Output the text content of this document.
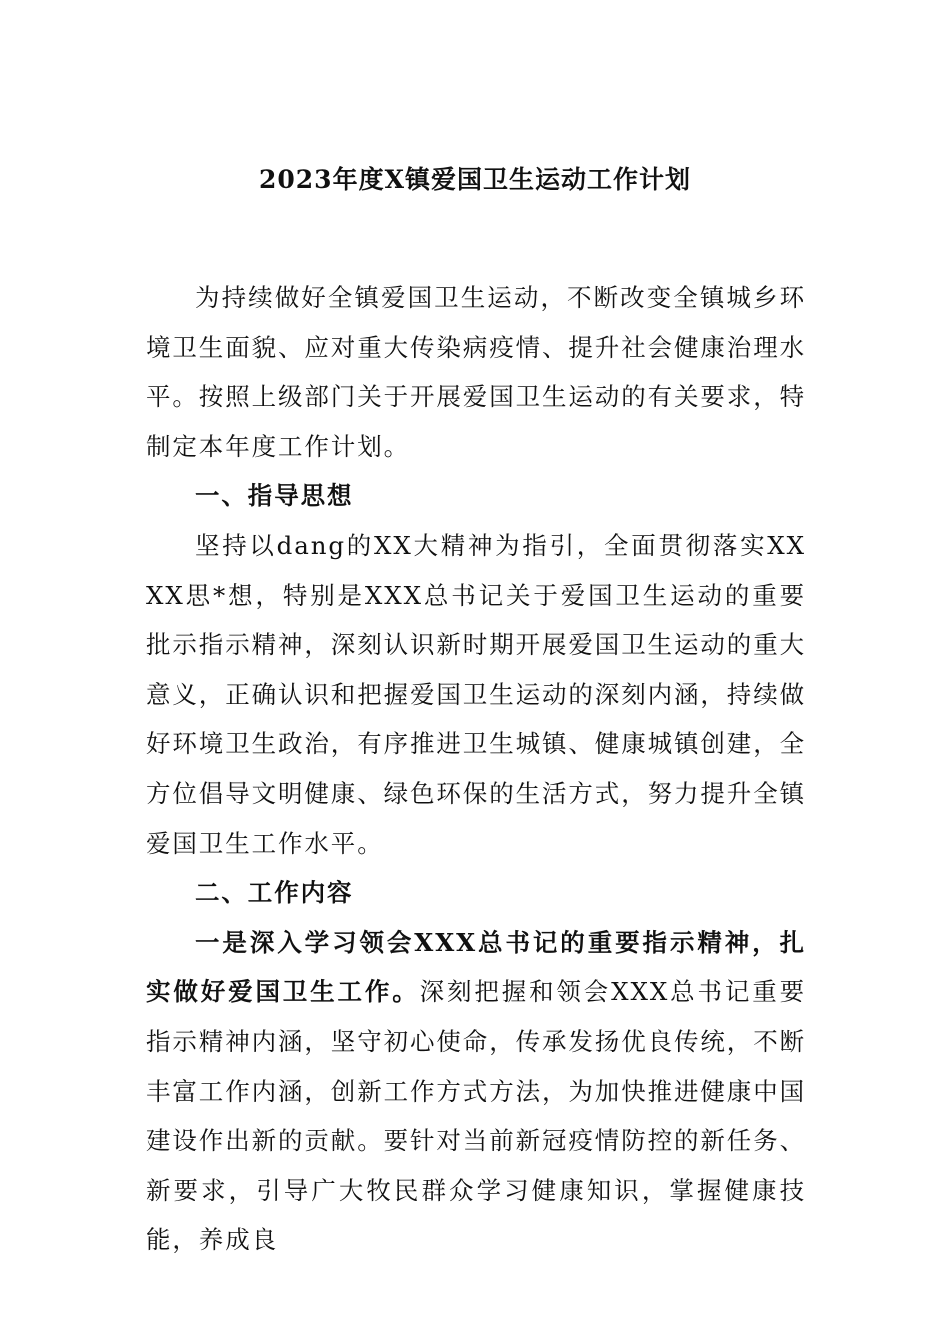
2023年度X镇爱国卫生运动工作计划

为持续做好全镇爱国卫生运动，不断改变全镇城乡环境卫生面貌、应对重大传染病疫情、提升社会健康治理水平。按照上级部门关于开展爱国卫生运动的有关要求，特制定本年度工作计划。

一、指导思想

坚持以dang的XX大精神为指引，全面贯彻落实XXXX思*想，特别是XXX总书记关于爱国卫生运动的重要批示指示精神，深刻认识新时期开展爱国卫生运动的重大意义，正确认识和把握爱国卫生运动的深刻内涵，持续做好环境卫生政治，有序推进卫生城镇、健康城镇创建，全方位倡导文明健康、绿色环保的生活方式，努力提升全镇爱国卫生工作水平。

二、工作内容

一是深入学习领会XXX总书记的重要指示精神，扎实做好爱国卫生工作。深刻把握和领会XXX总书记重要指示精神内涵，坚守初心使命，传承发扬优良传统，不断丰富工作内涵，创新工作方式方法，为加快推进健康中国建设作出新的贡献。要针对当前新冠疫情防控的新任务、新要求，引导广大牧民群众学习健康知识，掌握健康技能，养成良
